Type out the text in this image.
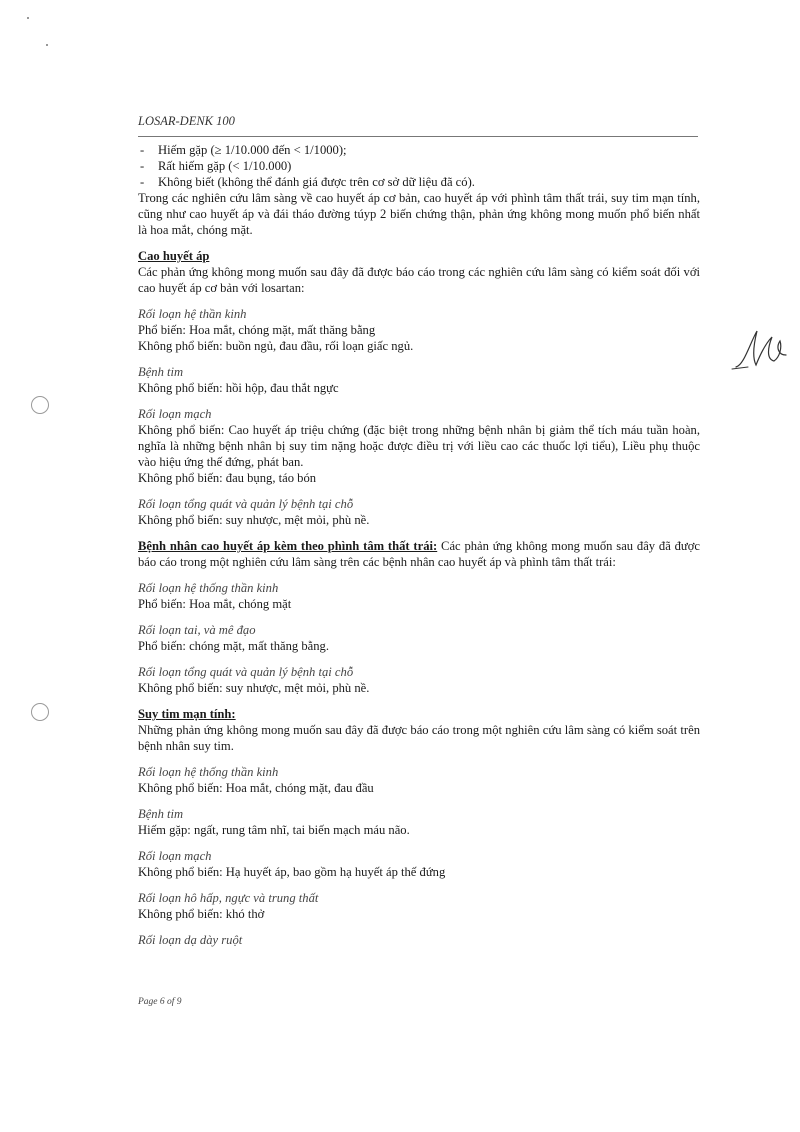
LOSAR-DENK 100

- Hiếm gặp (≥ 1/10.000 đến < 1/1000);

- Rất hiếm gặp (< 1/10.000)

- Không biết (không thể đánh giá được trên cơ sở dữ liệu đã có).

Trong các nghiên cứu lâm sàng về cao huyết áp cơ bản, cao huyết áp với phình tâm thất trái, suy tim mạn tính, cũng như cao huyết áp và đái tháo đường túyp 2 biến chứng thận, phản ứng không mong muốn phổ biến nhất là hoa mắt, chóng mặt.

Cao huyết áp

Các phản ứng không mong muốn sau đây đã được báo cáo trong các nghiên cứu lâm sàng có kiểm soát đối với cao huyết áp cơ bản với losartan:

Rối loạn hệ thần kinh

Phổ biến: Hoa mắt, chóng mặt, mất thăng bằng

Không phổ biến: buồn ngủ, đau đầu, rối loạn giấc ngủ.

Bệnh tim

Không phổ biến: hồi hộp, đau thắt ngực

Rối loạn mạch

Không phổ biến: Cao huyết áp triệu chứng (đặc biệt trong những bệnh nhân bị giảm thể tích máu tuần hoàn, nghĩa là những bệnh nhân bị suy tim nặng hoặc được điều trị với liều cao các thuốc lợi tiểu), Liều phụ thuộc vào hiệu ứng thế đứng, phát ban.

Không phổ biến: đau bụng, táo bón

Rối loạn tổng quát và quản lý bệnh tại chỗ

Không phổ biến: suy nhược, mệt mỏi, phù nề.

Bệnh nhân cao huyết áp kèm theo phình tâm thất trái: Các phản ứng không mong muốn sau đây đã được báo cáo trong một nghiên cứu lâm sàng trên các bệnh nhân cao huyết áp và phình tâm thất trái:

Rối loạn hệ thống thần kinh

Phổ biến: Hoa mắt, chóng mặt

Rối loạn tai, và mê đạo

Phổ biến: chóng mặt, mất thăng bằng.

Rối loạn tổng quát và quản lý bệnh tại chỗ

Không phổ biến: suy nhược, mệt mỏi, phù nề.

Suy tim mạn tính:

Những phản ứng không mong muốn sau đây đã được báo cáo trong một nghiên cứu lâm sàng có kiểm soát trên bệnh nhân suy tim.

Rối loạn hệ thống thần kinh

Không phổ biến: Hoa mắt, chóng mặt, đau đầu

Bệnh tim

Hiếm gặp: ngất, rung tâm nhĩ, tai biến mạch máu não.

Rối loạn mạch

Không phổ biến: Hạ huyết áp, bao gồm hạ huyết áp thế đứng

Rối loạn hô hấp, ngực và trung thất

Không phổ biến: khó thở

Rối loạn dạ dày ruột

Page 6 of 9
